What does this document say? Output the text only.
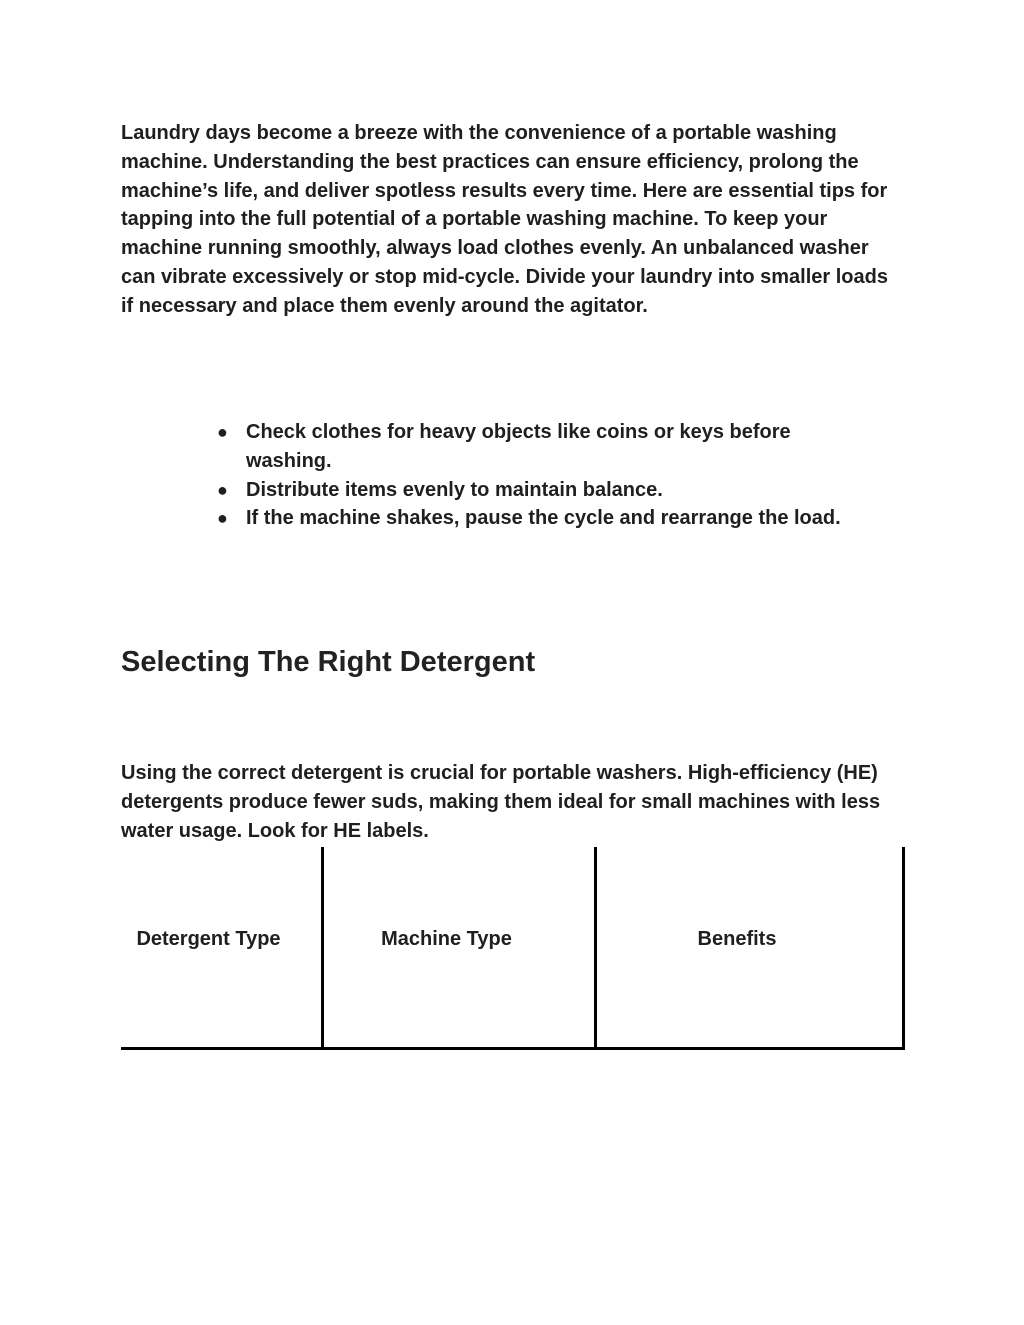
Laundry days become a breeze with the convenience of a portable washing machine. Understanding the best practices can ensure efficiency, prolong the machine’s life, and deliver spotless results every time. Here are essential tips for tapping into the full potential of a portable washing machine. To keep your machine running smoothly, always load clothes evenly. An unbalanced washer can vibrate excessively or stop mid-cycle. Divide your laundry into smaller loads if necessary and place them evenly around the agitator.

● Check clothes for heavy objects like coins or keys before washing.
● Distribute items evenly to maintain balance.
● If the machine shakes, pause the cycle and rearrange the load.
Selecting The Right Detergent

Using the correct detergent is crucial for portable washers. High-efficiency (HE) detergents produce fewer suds, making them ideal for small machines with less water usage. Look for HE labels.

Detergent Type	Machine Type	Benefits
